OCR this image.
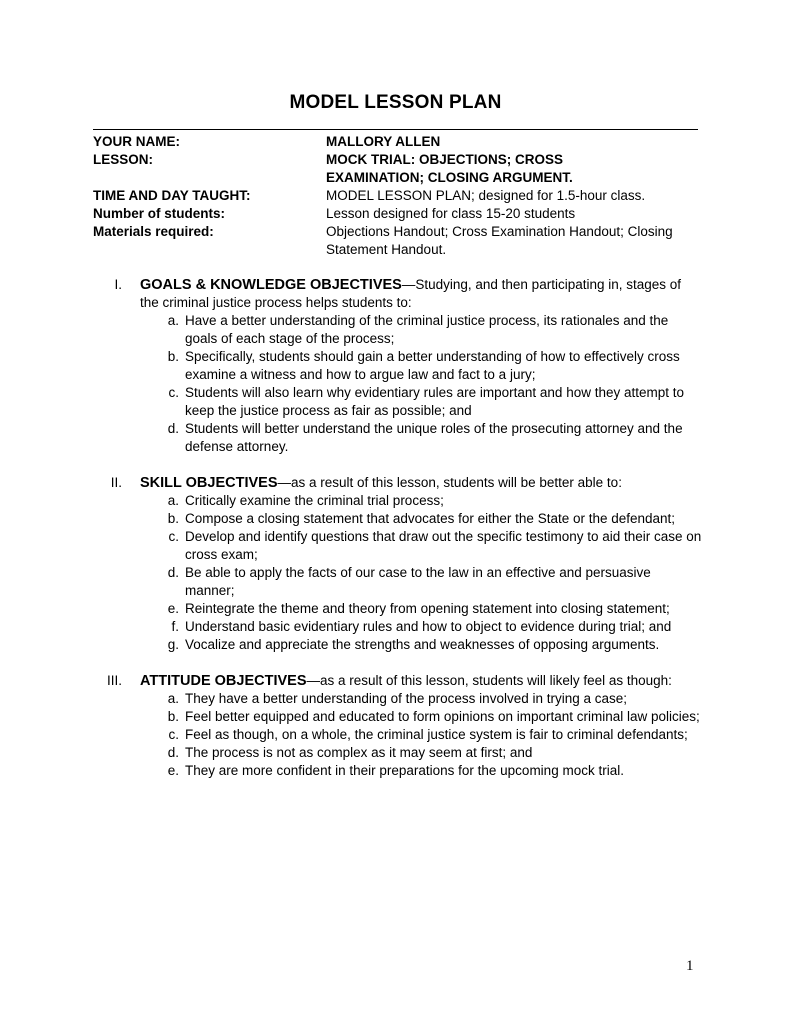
MODEL LESSON PLAN
YOUR NAME:	MALLORY ALLEN
LESSON:	MOCK TRIAL: OBJECTIONS; CROSS
EXAMINATION; CLOSING ARGUMENT.
TIME AND DAY TAUGHT:	MODEL LESSON PLAN; designed for 1.5-hour class.
Number of students:	Lesson designed for class 15-20 students
Materials required:	Objections Handout; Cross Examination Handout; Closing Statement Handout.
I. GOALS & KNOWLEDGE OBJECTIVES—Studying, and then participating in, stages of the criminal justice process helps students to:
a. Have a better understanding of the criminal justice process, its rationales and the goals of each stage of the process;
b. Specifically, students should gain a better understanding of how to effectively cross examine a witness and how to argue law and fact to a jury;
c. Students will also learn why evidentiary rules are important and how they attempt to keep the justice process as fair as possible; and
d. Students will better understand the unique roles of the prosecuting attorney and the defense attorney.
II. SKILL OBJECTIVES—as a result of this lesson, students will be better able to:
a. Critically examine the criminal trial process;
b. Compose a closing statement that advocates for either the State or the defendant;
c. Develop and identify questions that draw out the specific testimony to aid their case on cross exam;
d. Be able to apply the facts of our case to the law in an effective and persuasive manner;
e. Reintegrate the theme and theory from opening statement into closing statement;
f. Understand basic evidentiary rules and how to object to evidence during trial; and
g. Vocalize and appreciate the strengths and weaknesses of opposing arguments.
III. ATTITUDE OBJECTIVES—as a result of this lesson, students will likely feel as though:
a. They have a better understanding of the process involved in trying a case;
b. Feel better equipped and educated to form opinions on important criminal law policies;
c. Feel as though, on a whole, the criminal justice system is fair to criminal defendants;
d. The process is not as complex as it may seem at first; and
e. They are more confident in their preparations for the upcoming mock trial.
1
